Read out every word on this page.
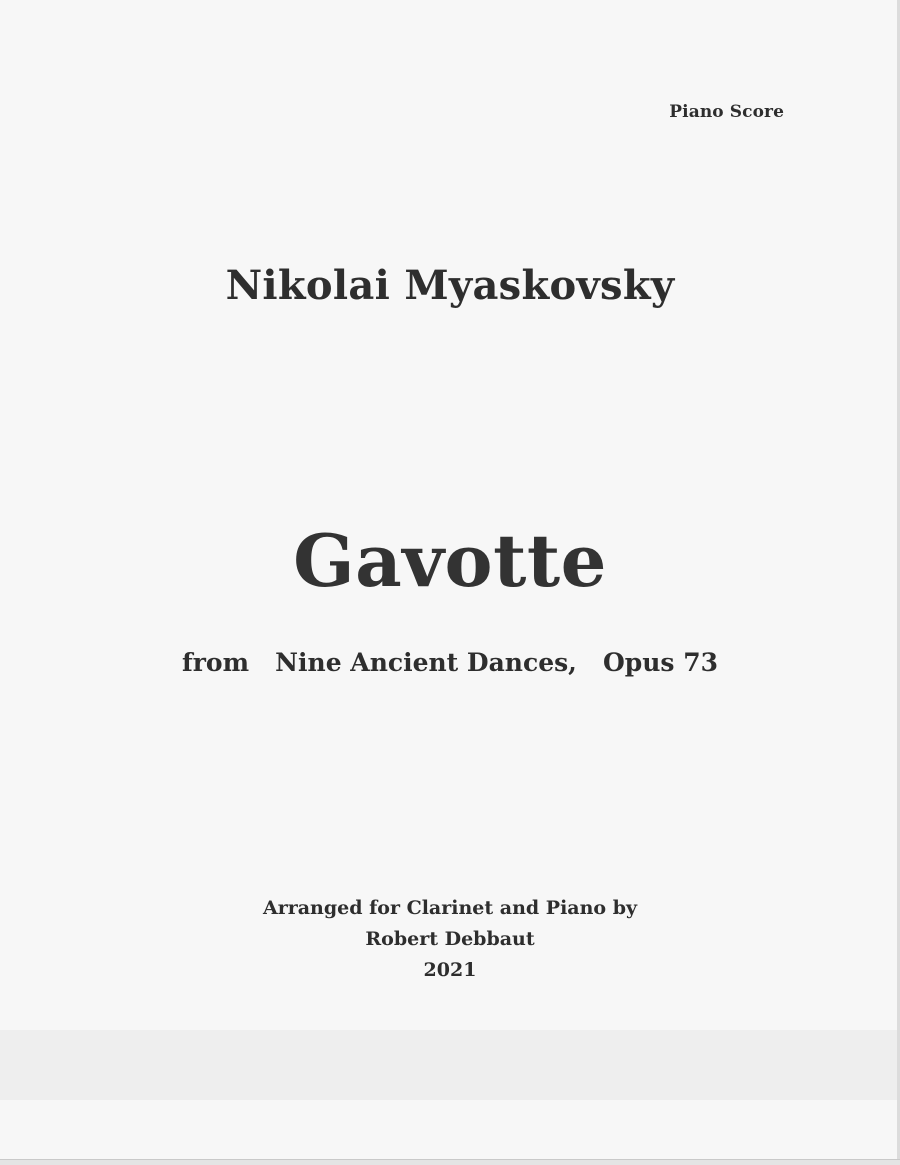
Piano Score
Nikolai Myaskovsky
Gavotte
from   Nine Ancient Dances,   Opus 73
Arranged for Clarinet and Piano by
Robert Debbaut
2021
